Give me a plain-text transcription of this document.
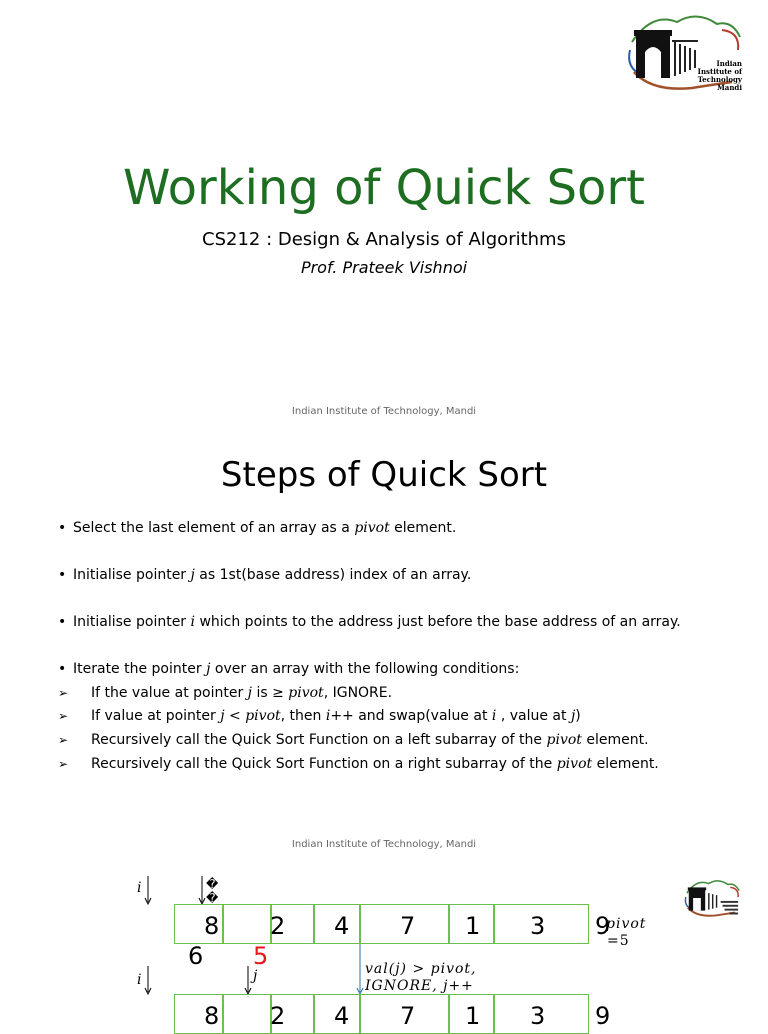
Indian
Institute of
Technology
Mandi
Working of Quick Sort
CS212 : Design & Analysis of Algorithms
Prof. Prateek Vishnoi
Indian Institute of Technology, Mandi
Steps of Quick Sort
• Select the last element of an array as a pivot element.
• Initialise pointer j as 1st(base address) index of an array.
• Initialise pointer i which points to the address just before the base address of an array.
• Iterate the pointer j over an array with the following conditions:
➢ If the value at pointer j is ≥ pivot, IGNORE.
➢ If value at pointer j < pivot, then i++ and swap(value at i , value at j)
➢ Recursively call the Quick Sort Function on a left subarray of the pivot element.
➢ Recursively call the Quick Sort Function on a right subarray of the pivot element.
Indian Institute of Technology, Mandi
i	�
�
8 2 4 7 1 3 9
6 5
pivot
=5
val(j) > pivot,
IGNORE, j++
i	j
8 2 4 7 1 3 9
